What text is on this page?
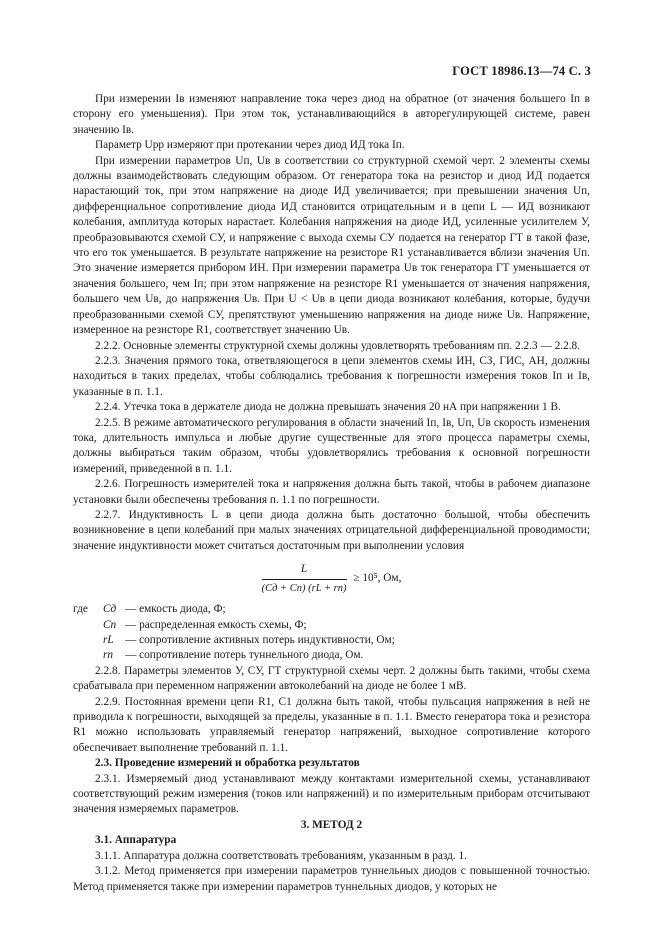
ГОСТ 18986.13—74 С. 3

При измерении Iв изменяют направление тока через диод на обратное (от значения большего Iп в сторону его уменьшения). При этом ток, устанавливающийся в авторегулирующей системе, равен значению Iв.

Параметр Uрр измеряют при протекании через диод ИД тока Iп.

При измерении параметров Uп, Uв в соответствии со структурной схемой черт. 2 элементы схемы должны взаимодействовать следующим образом. От генератора тока на резистор и диод ИД подается нарастающий ток, при этом напряжение на диоде ИД увеличивается; при превышении значения Uп, дифференциальное сопротивление диода ИД становится отрицательным и в цепи L — ИД возникают колебания, амплитуда которых нарастает. Колебания напряжения на диоде ИД, усиленные усилителем У, преобразовываются схемой СУ, и напряжение с выхода схемы СУ подается на генератор ГТ в такой фазе, что его ток уменьшается. В результате напряжение на резисторе R1 устанавливается вблизи значения Uп. Это значение измеряется прибором ИН. При измерении параметра Uв ток генератора ГТ уменьшается от значения большего, чем Iп; при этом напряжение на резисторе R1 уменьшается от значения напряжения, большего чем Uв, до напряжения Uв. При U < Uв в цепи диода возникают колебания, которые, будучи преобразованными схемой СУ, препятствуют уменьшению напряжения на диоде ниже Uв. Напряжение, измеренное на резисторе R1, соответствует значению Uв.

2.2.2. Основные элементы структурной схемы должны удовлетворять требованиям пп. 2.2.3 — 2.2.8.

2.2.3. Значения прямого тока, ответвляющегося в цепи элементов схемы ИН, СЗ, ГИС, АН, должны находиться в таких пределах, чтобы соблюдались требования к погрешности измерения токов Iп и Iв, указанные в п. 1.1.

2.2.4. Утечка тока в держателе диода не должна превышать значения 20 нА при напряжении 1 В.

2.2.5. В режиме автоматического регулирования в области значений Iп, Iв, Uп, Uв скорость изменения тока, длительность импульса и любые другие существенные для этого процесса параметры схемы, должны выбираться таким образом, чтобы удовлетворялись требования к основной погрешности измерений, приведенной в п. 1.1.

2.2.6. Погрешность измерителей тока и напряжения должна быть такой, чтобы в рабочем диапазоне установки были обеспечены требования п. 1.1 по погрешности.

2.2.7. Индуктивность L в цепи диода должна быть достаточно большой, чтобы обеспечить возникновение в цепи колебаний при малых значениях отрицательной дифференциальной проводимости; значение индуктивности может считаться достаточным при выполнении условия

$\frac{L}{(Cд + Cп) (rL + rп)} \ge 10^5$, Ом,
где	Cд — емкость диода, Ф;
Cп — распределенная емкость схемы, Ф;
rL	— сопротивление активных потерь индуктивности, Ом;
rп	— сопротивление потерь туннельного диода, Ом.

2.2.8. Параметры элементов У, СУ, ГТ структурной схемы черт. 2 должны быть такими, чтобы схема срабатывала при переменном напряжении автоколебаний на диоде не более 1 мВ.

2.2.9. Постоянная времени цепи R1, C1 должна быть такой, чтобы пульсация напряжения в ней не приводила к погрешности, выходящей за пределы, указанные в п. 1.1. Вместо генератора тока и резистора R1 можно использовать управляемый генератор напряжений, выходное сопротивление которого обеспечивает выполнение требований п. 1.1.

2.3. Проведение измерений и обработка результатов

2.3.1. Измеряемый диод устанавливают между контактами измерительной схемы, устанавливают соответствующий режим измерения (токов или напряжений) и по измерительным приборам отсчитывают значения измеряемых параметров.

3. МЕТОД 2

3.1. Аппаратура

3.1.1. Аппаратура должна соответствовать требованиям, указанным в разд. 1.

3.1.2. Метод применяется при измерении параметров туннельных диодов с повышенной точностью. Метод применяется также при измерении параметров туннельных диодов, у которых не
